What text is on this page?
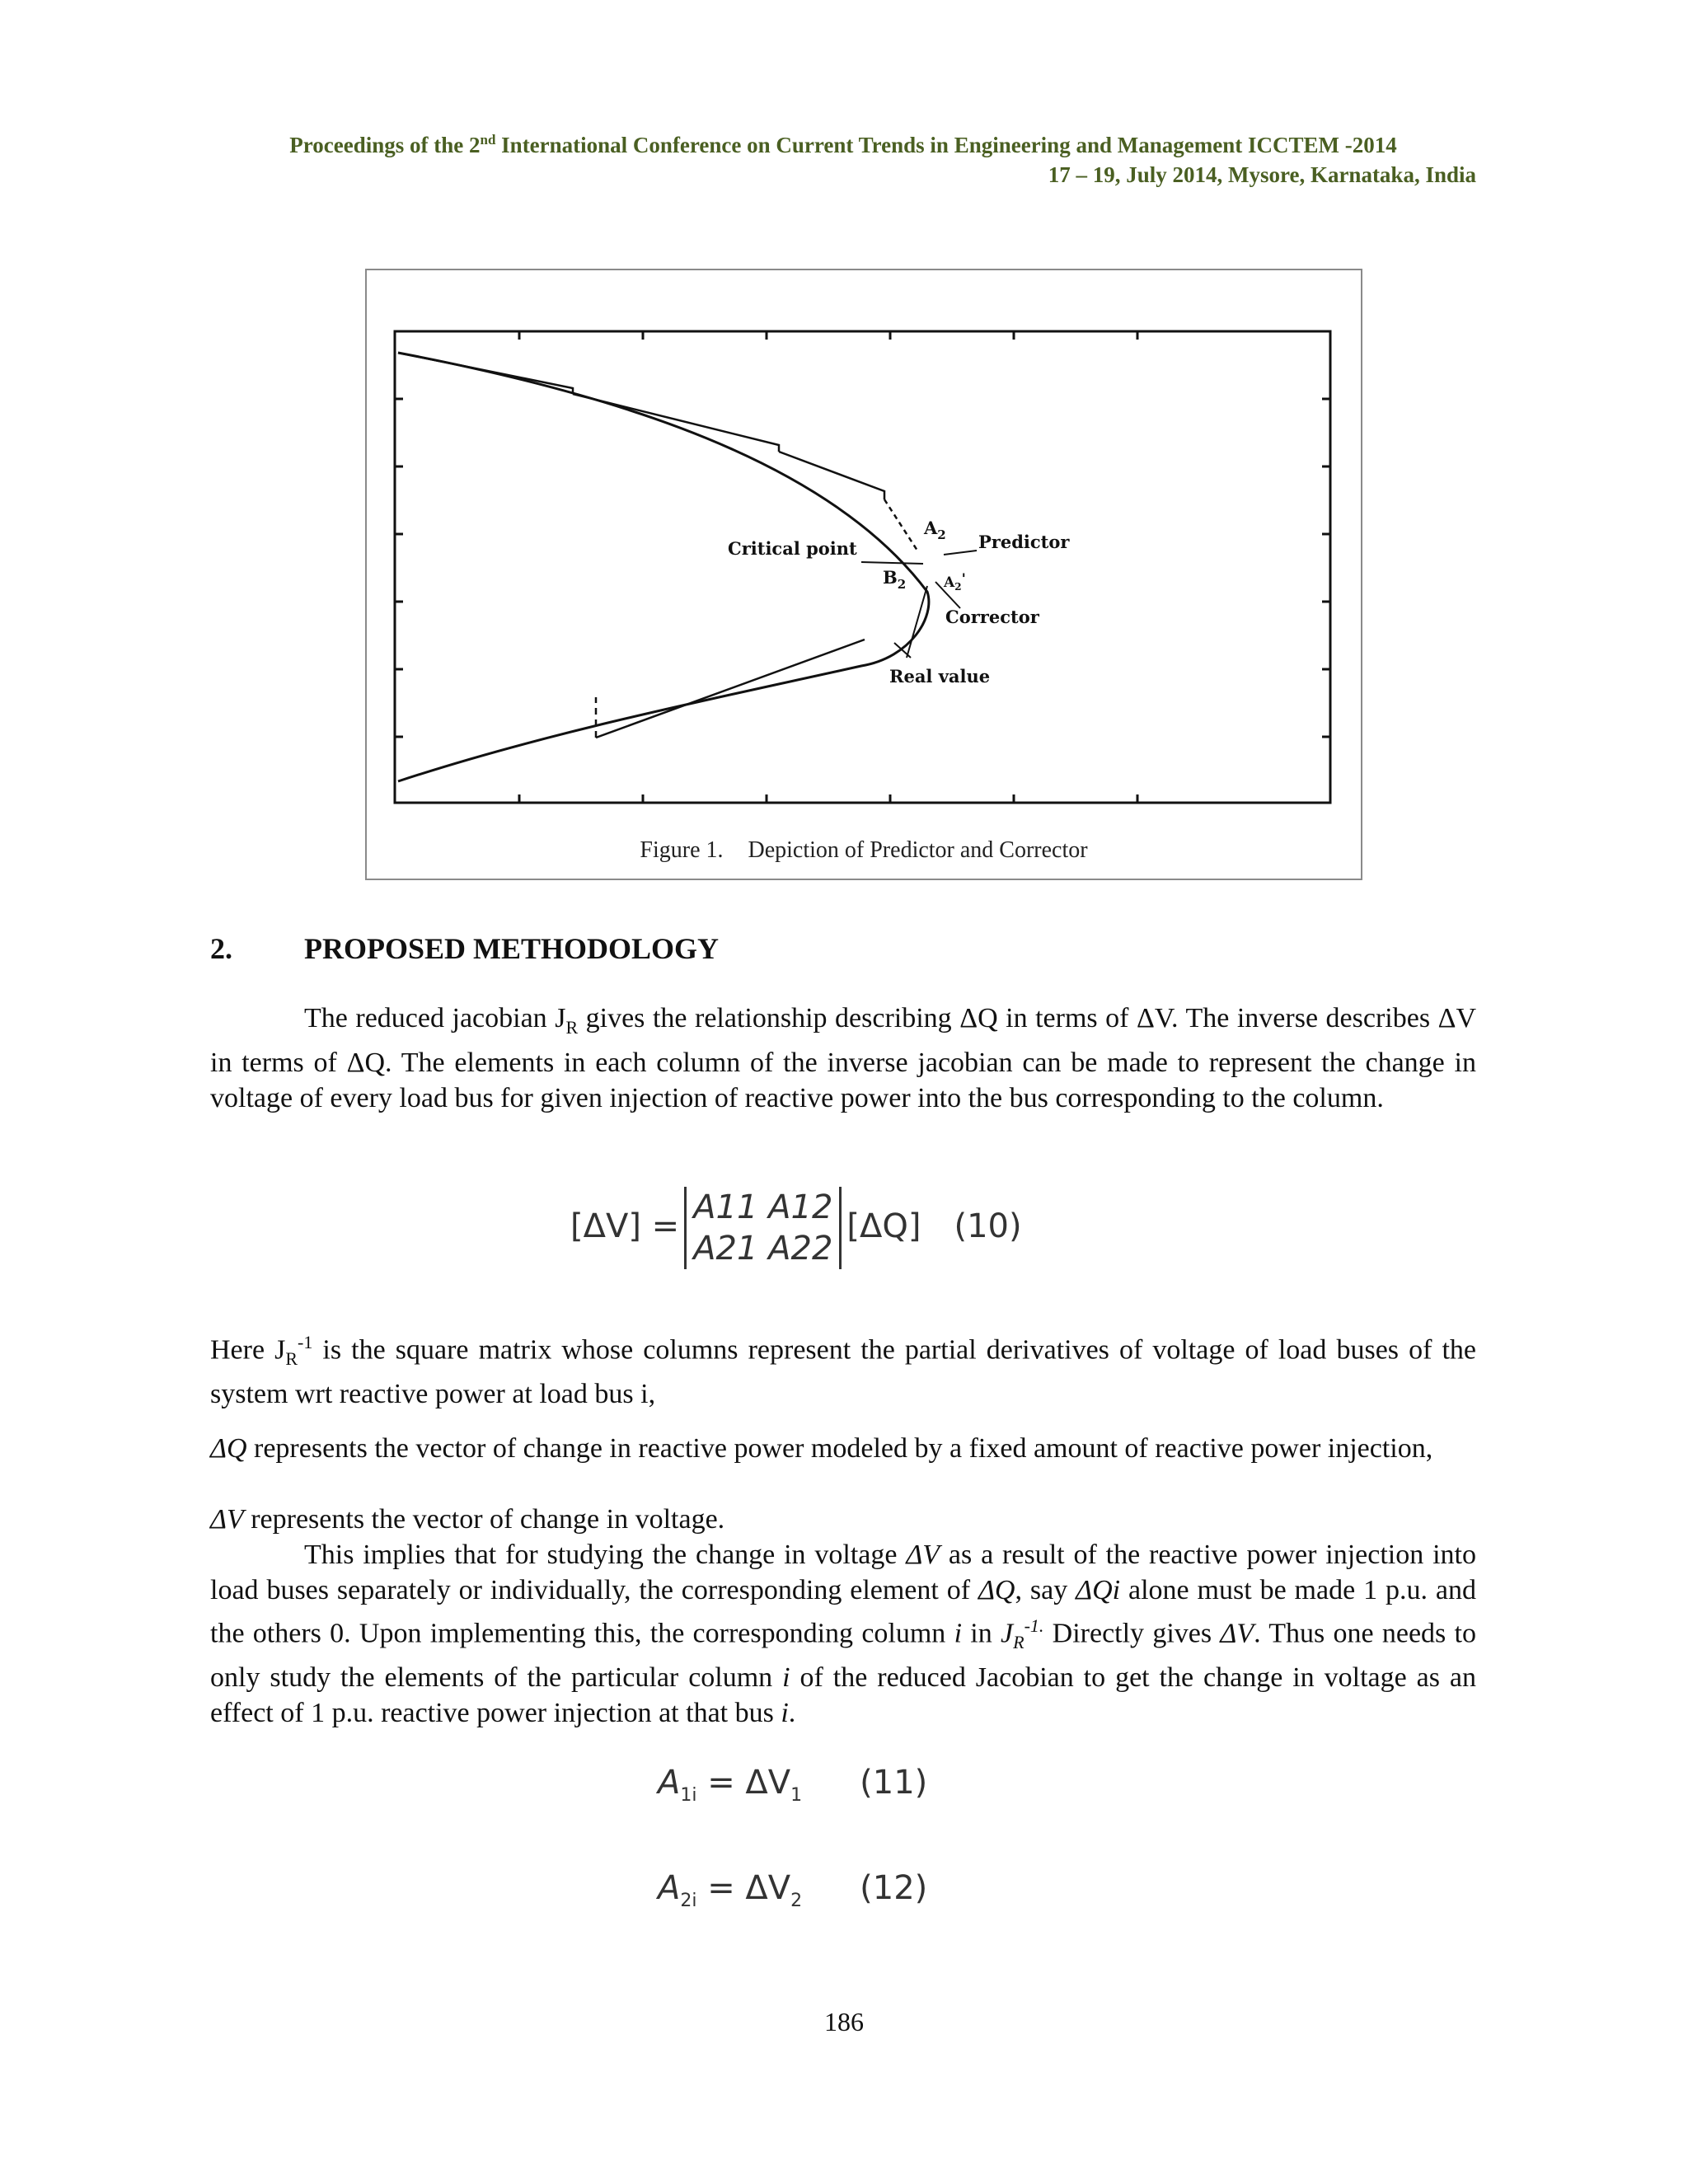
Proceedings of the 2nd International Conference on Current Trends in Engineering and Management ICCTEM -2014
17 – 19, July 2014, Mysore, Karnataka, India
Critical point	Predictor
Corrector
Real value
$A_2$
$A_2'$
$B_2$
Figure 1. Depiction of Predictor and Corrector
2. PROPOSED METHODOLOGY
The reduced jacobian $J_R$ gives the relationship describing ΔQ in terms of ΔV. The inverse describes ΔV in terms of ΔQ. The elements in each column of the inverse jacobian can be made to represent the change in voltage of every load bus for given injection of reactive power into the bus corresponding to the column.
[ΔV] = A11 A12
A21 A22[ΔQ] (10)
Here $J_R^{-1}$ is the square matrix whose columns represent the partial derivatives of voltage of load buses of the system wrt reactive power at load bus i,
ΔQ represents the vector of change in reactive power modeled by a fixed amount of reactive power injection,
ΔV represents the vector of change in voltage.
This implies that for studying the change in voltage ΔV as a result of the reactive power injection into load buses separately or individually, the corresponding element of ΔQ, say ΔQi alone must be made 1 p.u. and the others 0. Upon implementing this, the corresponding column i in $J_R^{-1.}$ Directly gives ΔV. Thus one needs to only study the elements of the particular column i of the reduced Jacobian to get the change in voltage as an effect of 1 p.u. reactive power injection at that bus i.
$A_{1i} = \Delta V_1$ (11)
$A_{2i} = \Delta V_2$ (12)
186
